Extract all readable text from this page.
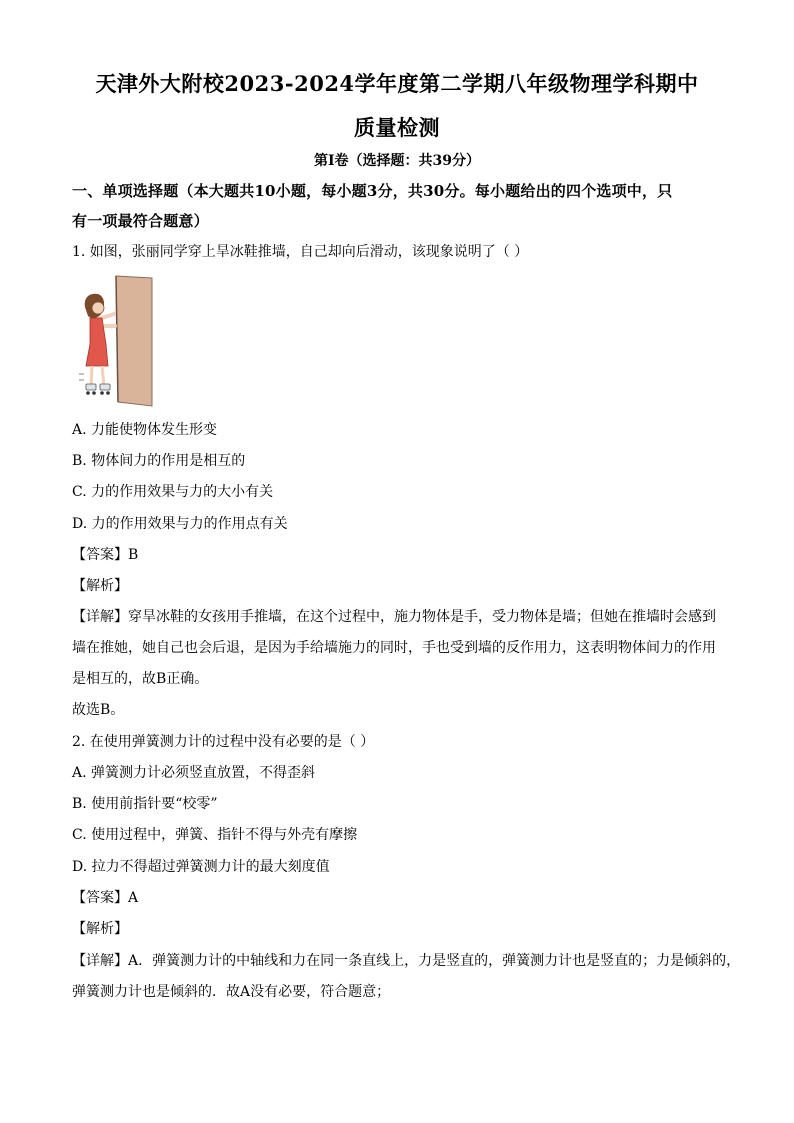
天津外大附校2023-2024学年度第二学期八年级物理学科期中
质量检测
第Ⅰ卷（选择题：共39分）
一、单项选择题（本大题共10小题，每小题3分，共30分。每小题给出的四个选项中，只
有一项最符合题意）
1. 如图，张丽同学穿上旱冰鞋推墙，自己却向后滑动，该现象说明了（ ）
A. 力能使物体发生形变
B. 物体间力的作用是相互的
C. 力的作用效果与力的大小有关
D. 力的作用效果与力的作用点有关
【答案】B
【解析】
【详解】穿旱冰鞋的女孩用手推墙，在这个过程中，施力物体是手，受力物体是墙；但她在推墙时会感到
墙在推她，她自己也会后退，是因为手给墙施力的同时，手也受到墙的反作用力，这表明物体间力的作用
是相互的，故B正确。
故选B。
2. 在使用弹簧测力计的过程中没有必要的是（ ）
A. 弹簧测力计必须竖直放置，不得歪斜
B. 使用前指针要“校零”
C. 使用过程中，弹簧、指针不得与外壳有摩擦
D. 拉力不得超过弹簧测力计的最大刻度值
【答案】A
【解析】
【详解】A．弹簧测力计的中轴线和力在同一条直线上，力是竖直的，弹簧测力计也是竖直的；力是倾斜的，
弹簧测力计也是倾斜的．故A没有必要，符合题意；
